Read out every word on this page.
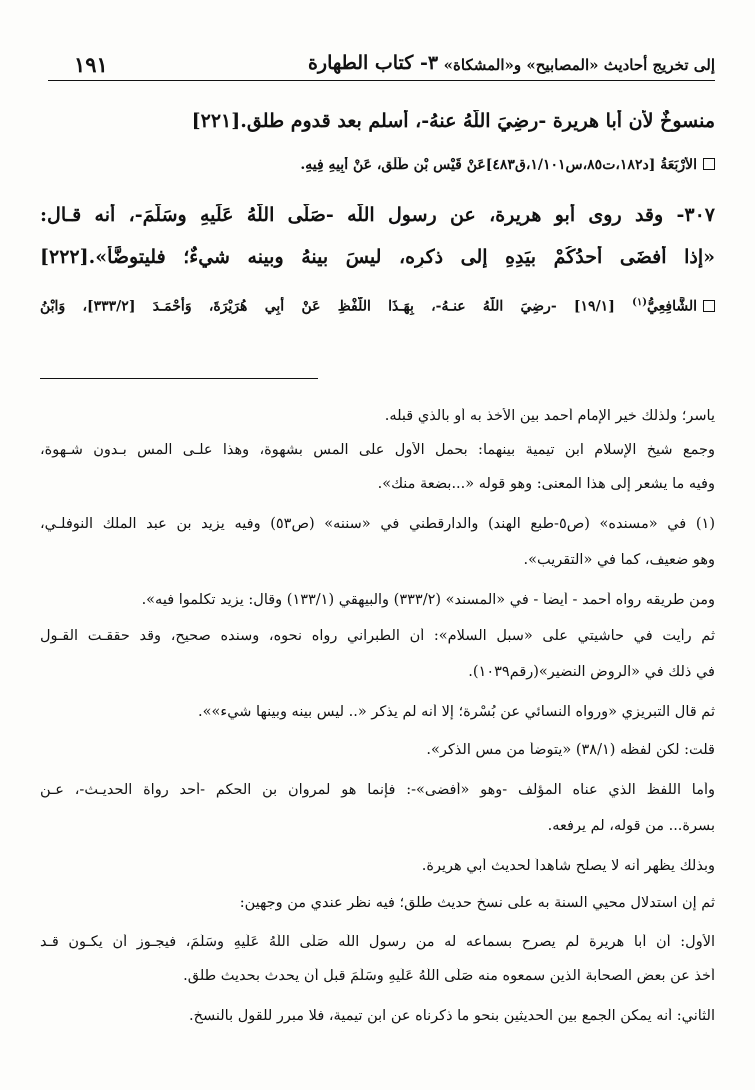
إلى تخريج أحاديث «المصابيح» و«المشكاة»
٣- كتاب الطهارة
١٩١
منسوخٌ لأن أبا هريرة -رضِيَ اللَّهُ عنهُ-، أسلم بعد قدوم طلق.[٢٢١]
الأَرْبَعَةُ [د١٨٢،ت٨٥،س١/١٠١،ق٤٨٣]عَنْ قَيْسِ بْنِ طَلْقٍ، عَنْ أَبِيهِ فِيهِ.
٣٠٧- وقد روى أبو هريرة، عن رسول اللَّه -صَلَّى اللَّهُ عَلَيهِ وسَلَّمَ-، أنه قـال:
«إذا أفضَى أحدُكُمْ بيَدِهِ إلى ذكرِه، ليسَ بينهُ وبينه شيءٌ؛ فليتوضَّأ».[٢٢٢]
الشَّافِعِيُّ$^{(١)}$ [١٩/١] -رضِيَ اللَّهُ عنـهُ-، بِهَـذَا اللَّفْظِ عَنْ أَبِي هُرَيْرَةَ، وَأَحْمَـدَ [٣٣٣/٢]، وَابْنُ
ياسر؛ ولذلك خير الإمام أحمد بين الأخذ به أو بالذي قبله.
وجمع شيخ الإسلام ابن تيمية بينهما: بحمل الأول على المس بشهوة، وهذا علـى المس بـدون شـهوة،
وفيه ما يشعر إلى هذا المعنى: وهو قوله «...بضعة منك».
(١) في «مسنده» (ص٥-طبع الهند) والدارقطني في «سننه» (ص٥٣) وفيه يزيد بن عبد الملك النوفلـي،
وهو ضعيف، كما في «التقريب».
ومن طريقه رواه أحمد - أيضاً - في «المسند» (٣٣٣/٢) والبيهقي (١٣٣/١) وقال: يزيد تكلموا فيه».
ثم رأيت في حاشيتي على «سبل السلام»: أن الطبراني رواه نحوه، وسنده صحيح، وقد حققـت القـول
في ذلك في «الروض النضير»(رقم١٠٣٩).
ثم قال التبريزي «ورواه النسائي عن بُسْرة؛ إلا أنه لم يذكر «.. ليس بينه وبينها شيء»».
قلت: لكن لفظه (٣٨/١) «يتوضأ من مس الذكر».
وأما اللفظ الذي عناه المؤلف -وهو «أفضى»-: فإنما هو لمروان بن الحكم -أحد رواة الحديـث-، عـن
بسرة... من قوله، لم يرفعه.
وبذلك يظهر أنه لا يصلح شاهداً لحديث أبي هريرة.
ثم إن استدلال محيي السنة به على نسخ حديث طلق؛ فيه نظر عندي من وجهين:
الأول: أن أبا هريرة لم يصرح بسماعه له من رسول اللَّه صَلَّى اللَّهُ عَلَيهِ وسَلَّمَ، فيجـوز أن يكـون قـد
أخذ عن بعض الصحابة الذين سمعوه منه صَلَّى اللَّهُ عَلَيهِ وسَلَّمَ قبل أن يحدث بحديث طلق.
الثاني: أنه يمكن الجمع بين الحديثين بنحو ما ذكرناه عن ابن تيمية، فلا مبرر للقول بالنسخ.
